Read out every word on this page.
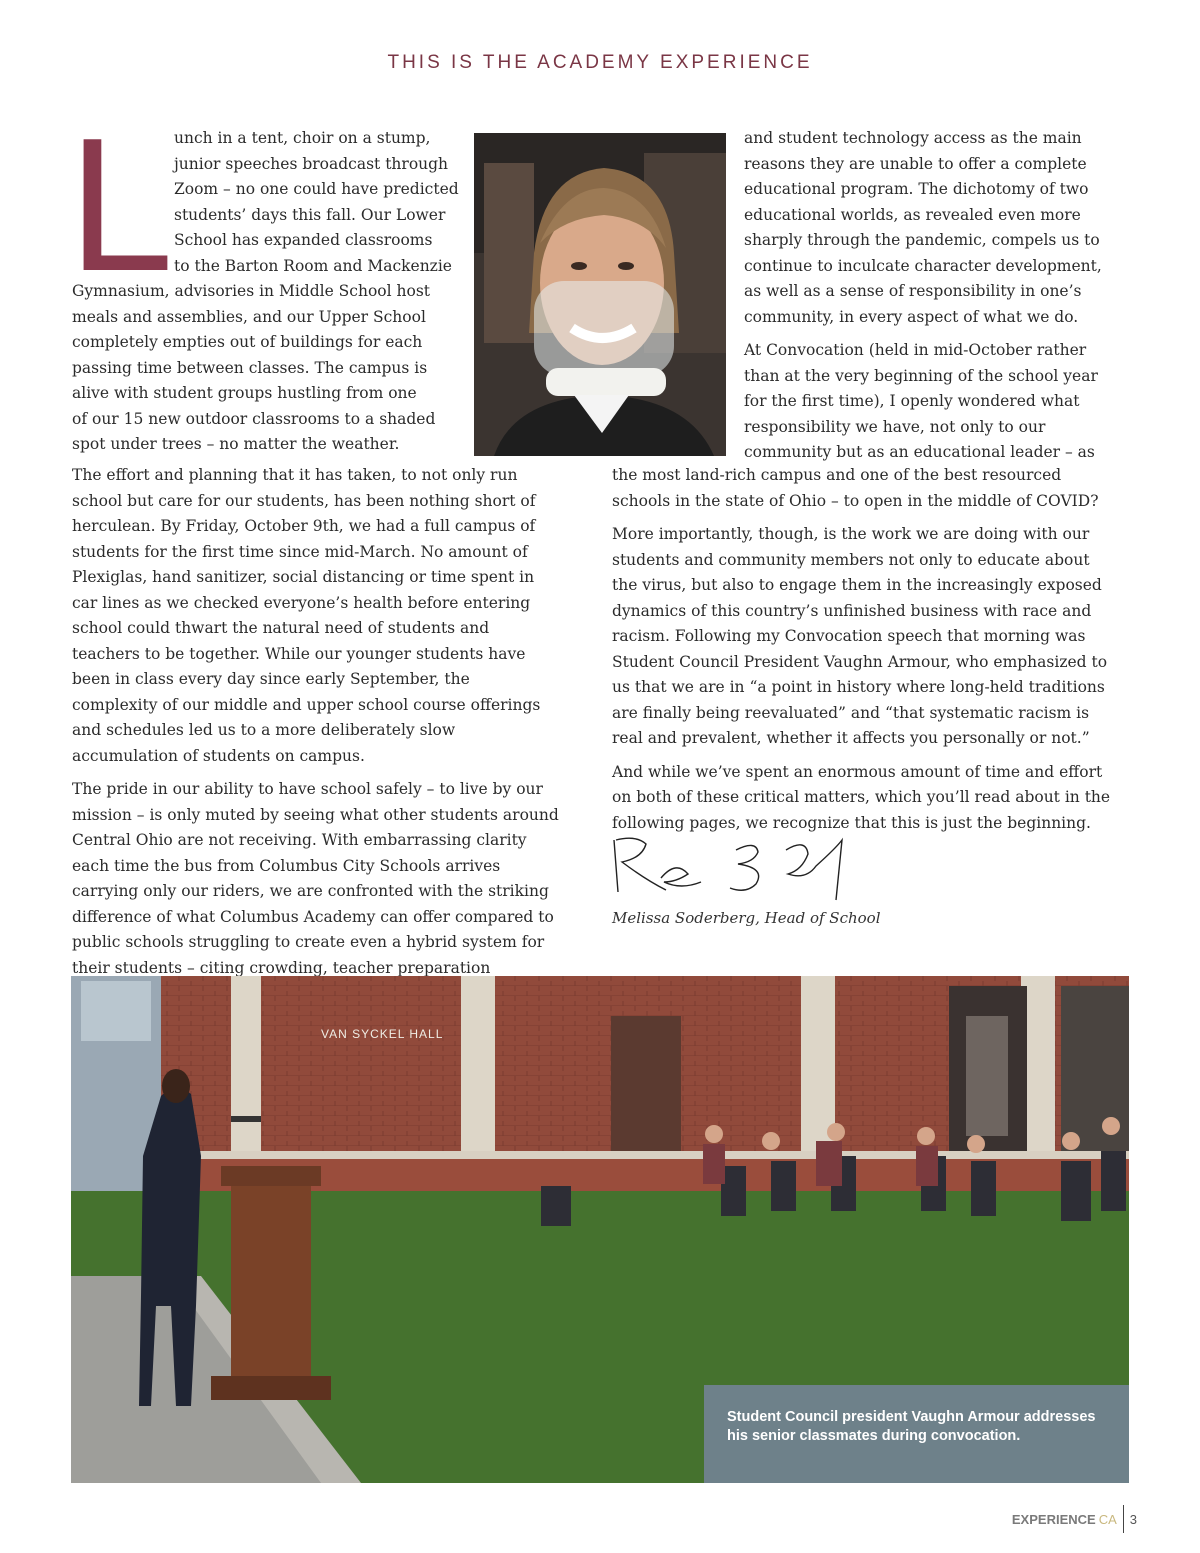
THIS IS THE ACADEMY EXPERIENCE
L unch in a tent, choir on a stump,
junior speeches broadcast through
Zoom – no one could have predicted
students’ days this fall. Our Lower
School has expanded classrooms
to the Barton Room and Mackenzie
Gymnasium, advisories in Middle School host
meals and assemblies, and our Upper School
completely empties out of buildings for each
passing time between classes. The campus is
alive with student groups hustling from one
of our 15 new outdoor classrooms to a shaded
spot under trees – no matter the weather.

The effort and planning that it has taken, to not only run school but care for our students, has been nothing short of herculean. By Friday, October 9th, we had a full campus of students for the first time since mid-March. No amount of Plexiglas, hand sanitizer, social distancing or time spent in car lines as we checked everyone’s health before entering school could thwart the natural need of students and teachers to be together. While our younger students have been in class every day since early September, the complexity of our middle and upper school course offerings and schedules led us to a more deliberately slow accumulation of students on campus.

The pride in our ability to have school safely – to live by our mission – is only muted by seeing what other students around Central Ohio are not receiving. With embarrassing clarity each time the bus from Columbus City Schools arrives carrying only our riders, we are confronted with the striking difference of what Columbus Academy can offer compared to public schools struggling to create even a hybrid system for their students – citing crowding, teacher preparation

and student technology access as the main reasons they are unable to offer a complete educational program. The dichotomy of two educational worlds, as revealed even more sharply through the pandemic, compels us to continue to inculcate character development, as well as a sense of responsibility in one’s community, in every aspect of what we do.

At Convocation (held in mid-October rather than at the very beginning of the school year for the first time), I openly wondered what responsibility we have, not only to our community but as an educational leader – as

the most land-rich campus and one of the best resourced schools in the state of Ohio – to open in the middle of COVID?

More importantly, though, is the work we are doing with our students and community members not only to educate about the virus, but also to engage them in the increasingly exposed dynamics of this country’s unfinished business with race and racism. Following my Convocation speech that morning was Student Council President Vaughn Armour, who emphasized to us that we are in “a point in history where long-held traditions are finally being reevaluated” and “that systematic racism is real and prevalent, whether it affects you personally or not.”

And while we’ve spent an enormous amount of time and effort on both of these critical matters, which you’ll read about in the following pages, we recognize that this is just the beginning.

Melissa Soderberg, Head of School
VAN SYCKEL HALL
Student Council president Vaughn Armour addresses his senior classmates during convocation.
EXPERIENCE CA 3
